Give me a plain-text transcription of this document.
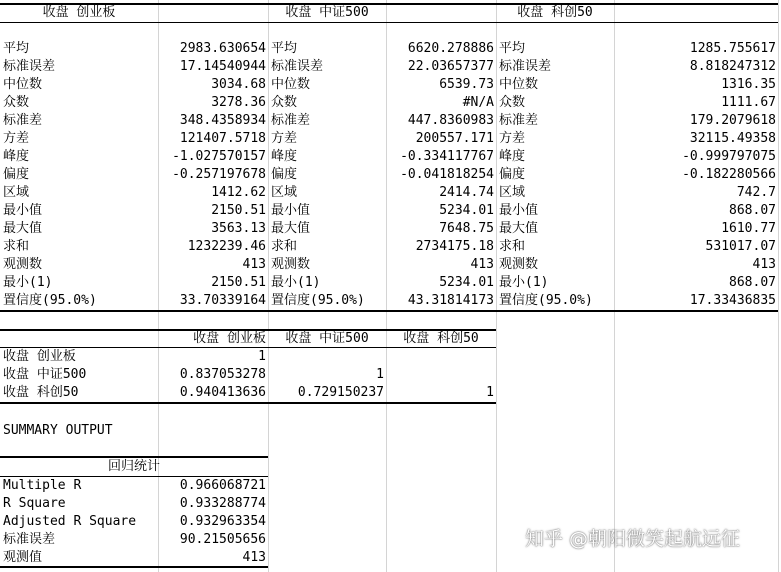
收盘 创业板	收盘 中证500	收盘 科创50
平均	2983.630654 平均	6620.278886 平均	1285.755617
标准误差	17.14540944 标准误差	22.03657377 标准误差	8.818247312
中位数	3034.68 中位数	6539.73 中位数	1316.35
众数	3278.36 众数	#N/A 众数	1111.67
标准差	348.4358934 标准差	447.8360983 标准差	179.2079618
方差	121407.5718 方差	200557.171 方差	32115.49358
峰度	-1.027570157 峰度	-0.334117767 峰度	-0.999797075
偏度	-0.257197678 偏度	-0.041818254 偏度	-0.182280566
区域	1412.62 区域	2414.74 区域	742.7
最小值	2150.51 最小值	5234.01 最小值	868.07
最大值	3563.13 最大值	7648.75 最大值	1610.77
求和	1232239.46 求和	2734175.18 求和	531017.07
观测数	413 观测数	413 观测数	413
最小(1)	2150.51 最小(1)	5234.01 最小(1)	868.07
置信度(95.0%)	33.70339164 置信度(95.0%)	43.31814173 置信度(95.0%)	17.33436835
收盘 创业板	收盘 中证500	收盘 科创50
收盘 创业板	1
收盘 中证500	0.837053278	1
收盘 科创50	0.940413636	0.729150237	1
SUMMARY OUTPUT
回归统计
Multiple R	0.966068721
R Square	0.933288774
Adjusted R Square	0.932963354
标准误差	90.21505656
观测值	413
知乎 @朝阳微笑起航远征
